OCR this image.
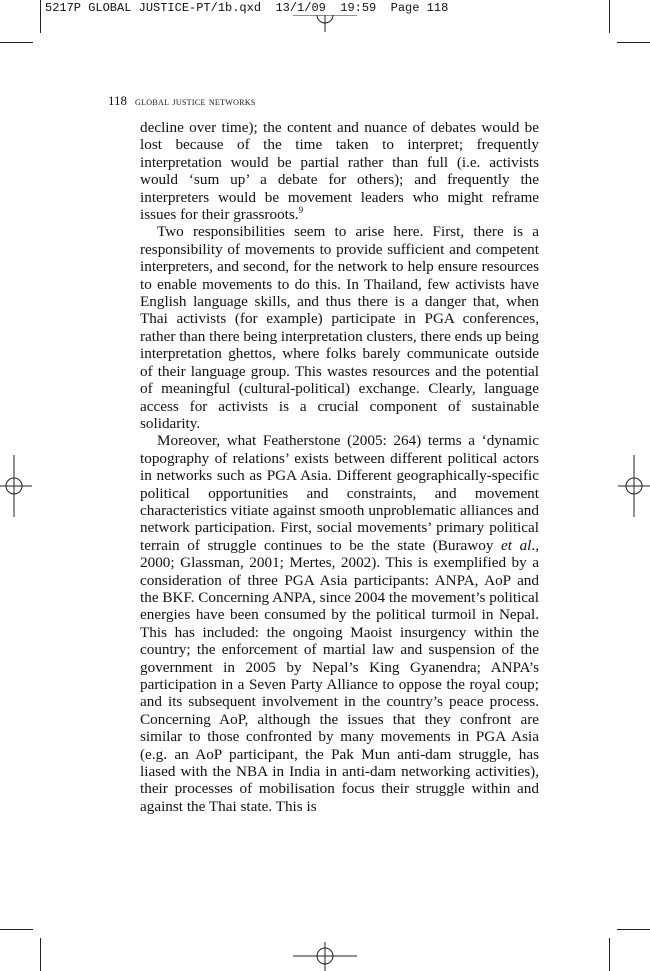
5217P GLOBAL JUSTICE-PT/1b.qxd  13/1/09  19:59  Page 118

118 global justice networks

decline over time); the content and nuance of debates would be lost because of the time taken to interpret; frequently interpretation would be partial rather than full (i.e. activists would ‘sum up’ a debate for others); and frequently the interpreters would be movement leaders who might reframe issues for their grassroots.$^9$

Two responsibilities seem to arise here. First, there is a responsibility of movements to provide sufficient and competent interpreters, and second, for the network to help ensure resources to enable movements to do this. In Thailand, few activists have English language skills, and thus there is a danger that, when Thai activists (for example) participate in PGA conferences, rather than there being interpretation clusters, there ends up being interpretation ghettos, where folks barely communicate outside of their language group. This wastes resources and the potential of meaningful (cultural-political) exchange. Clearly, language access for activists is a crucial component of sustainable solidarity.

Moreover, what Featherstone (2005: 264) terms a ‘dynamic topography of relations’ exists between different political actors in networks such as PGA Asia. Different geographically-specific political opportunities and constraints, and movement characteristics vitiate against smooth unproblematic alliances and network participation. First, social movements’ primary political terrain of struggle continues to be the state (Burawoy et al., 2000; Glassman, 2001; Mertes, 2002). This is exemplified by a consideration of three PGA Asia participants: ANPA, AoP and the BKF. Concerning ANPA, since 2004 the movement’s political energies have been consumed by the political turmoil in Nepal. This has included: the ongoing Maoist insurgency within the country; the enforcement of martial law and suspension of the government in 2005 by Nepal’s King Gyanendra; ANPA’s participation in a Seven Party Alliance to oppose the royal coup; and its subsequent involvement in the country’s peace process. Concerning AoP, although the issues that they confront are similar to those confronted by many movements in PGA Asia (e.g. an AoP participant, the Pak Mun anti-dam struggle, has liased with the NBA in India in anti-dam networking activities), their processes of mobilisation focus their struggle within and against the Thai state. This is
